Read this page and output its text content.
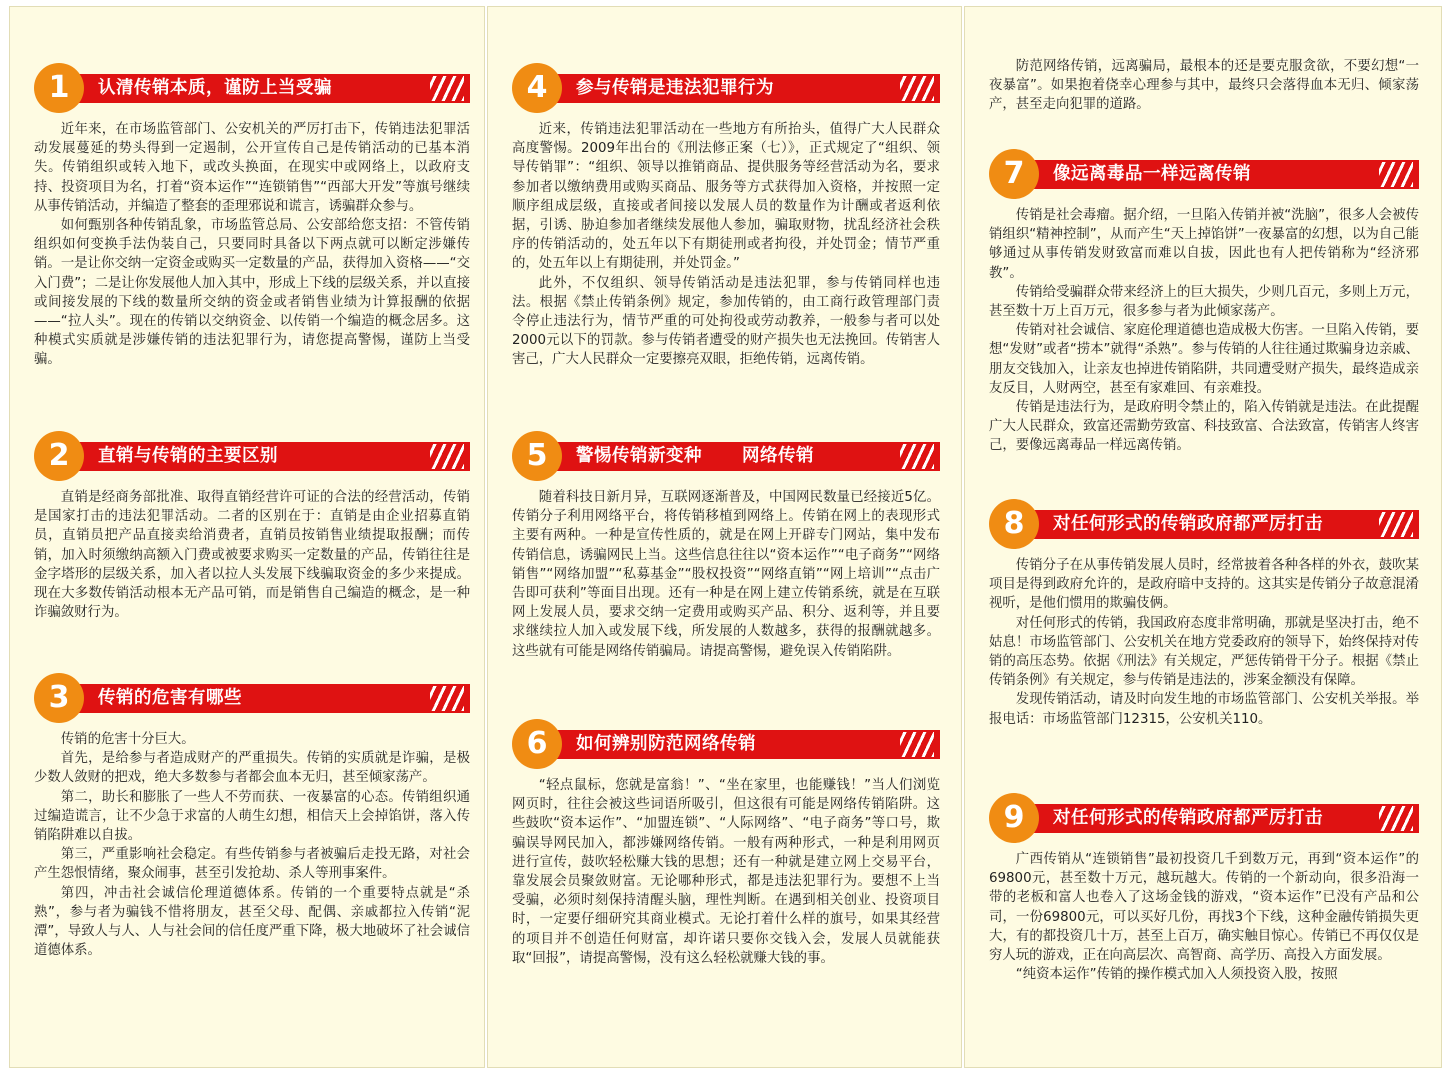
1	认清传销本质，谨防上当受骗

近年来，在市场监管部门、公安机关的严厉打击下，传销违法犯罪活动发展蔓延的势头得到一定遏制，公开宣传自己是传销活动的已基本消失。传销组织或转入地下，或改头换面，在现实中或网络上，以政府支持、投资项目为名，打着“资本运作”“连锁销售”“西部大开发”等旗号继续从事传销活动，并编造了整套的歪理邪说和谎言，诱骗群众参与。

如何甄别各种传销乱象，市场监管总局、公安部给您支招：不管传销组织如何变换手法伪装自己，只要同时具备以下两点就可以断定涉嫌传销。一是让你交纳一定资金或购买一定数量的产品，获得加入资格——“交入门费”；二是让你发展他人加入其中，形成上下线的层级关系，并以直接或间接发展的下线的数量所交纳的资金或者销售业绩为计算报酬的依据——“拉人头”。现在的传销以交纳资金、以传销一个编造的概念居多。这种模式实质就是涉嫌传销的违法犯罪行为，请您提高警惕，谨防上当受骗。

2	直销与传销的主要区别

直销是经商务部批准、取得直销经营许可证的合法的经营活动，传销是国家打击的违法犯罪活动。二者的区别在于：直销是由企业招募直销员，直销员把产品直接卖给消费者，直销员按销售业绩提取报酬；而传销，加入时须缴纳高额入门费或被要求购买一定数量的产品，传销往往是金字塔形的层级关系，加入者以拉人头发展下线骗取资金的多少来提成。现在大多数传销活动根本无产品可销，而是销售自己编造的概念，是一种诈骗敛财行为。

3	传销的危害有哪些

传销的危害十分巨大。

首先，是给参与者造成财产的严重损失。传销的实质就是诈骗，是极少数人敛财的把戏，绝大多数参与者都会血本无归，甚至倾家荡产。

第二，助长和膨胀了一些人不劳而获、一夜暴富的心态。传销组织通过编造谎言，让不少急于求富的人萌生幻想，相信天上会掉馅饼，落入传销陷阱难以自拔。

第三，严重影响社会稳定。有些传销参与者被骗后走投无路，对社会产生怨恨情绪，聚众闹事，甚至引发抢劫、杀人等刑事案件。

第四，冲击社会诚信伦理道德体系。传销的一个重要特点就是“杀熟”，参与者为骗钱不惜将朋友，甚至父母、配偶、亲戚都拉入传销“泥潭”，导致人与人、人与社会间的信任度严重下降，极大地破坏了社会诚信道德体系。

4	参与传销是违法犯罪行为

近来，传销违法犯罪活动在一些地方有所抬头，值得广大人民群众高度警惕。2009年出台的《刑法修正案（七）》，正式规定了“组织、领导传销罪”：“组织、领导以推销商品、提供服务等经营活动为名，要求参加者以缴纳费用或购买商品、服务等方式获得加入资格，并按照一定顺序组成层级，直接或者间接以发展人员的数量作为计酬或者返利依据，引诱、胁迫参加者继续发展他人参加，骗取财物，扰乱经济社会秩序的传销活动的，处五年以下有期徒刑或者拘役，并处罚金；情节严重的，处五年以上有期徒刑，并处罚金。”

此外，不仅组织、领导传销活动是违法犯罪，参与传销同样也违法。根据《禁止传销条例》规定，参加传销的，由工商行政管理部门责令停止违法行为，情节严重的可处拘役或劳动教养，一般参与者可以处2000元以下的罚款。参与传销者遭受的财产损失也无法挽回。传销害人害己，广大人民群众一定要擦亮双眼，拒绝传销，远离传销。

5	警惕传销新变种 网络传销

随着科技日新月异，互联网逐渐普及，中国网民数量已经接近5亿。传销分子利用网络平台，将传销移植到网络上。传销在网上的表现形式主要有两种。一种是宣传性质的，就是在网上开辟专门网站，集中发布传销信息，诱骗网民上当。这些信息往往以“资本运作”“电子商务”“网络销售”“网络加盟”“私募基金”“股权投资”“网络直销”“网上培训”“点击广告即可获利”等面目出现。还有一种是在网上建立传销系统，就是在互联网上发展人员，要求交纳一定费用或购买产品、积分、返利等，并且要求继续拉人加入或发展下线，所发展的人数越多，获得的报酬就越多。这些就有可能是网络传销骗局。请提高警惕，避免误入传销陷阱。

6	如何辨别防范网络传销

“轻点鼠标，您就是富翁！”、“坐在家里，也能赚钱！”当人们浏览网页时，往往会被这些词语所吸引，但这很有可能是网络传销陷阱。这些鼓吹“资本运作”、“加盟连锁”、“人际网络”、“电子商务”等口号，欺骗误导网民加入，都涉嫌网络传销。一般有两种形式，一种是利用网页进行宣传，鼓吹轻松赚大钱的思想；还有一种就是建立网上交易平台，靠发展会员聚敛财富。无论哪种形式，都是违法犯罪行为。要想不上当受骗，必须时刻保持清醒头脑，理性判断。在遇到相关创业、投资项目时，一定要仔细研究其商业模式。无论打着什么样的旗号，如果其经营的项目并不创造任何财富，却许诺只要你交钱入会，发展人员就能获取“回报”，请提高警惕，没有这么轻松就赚大钱的事。

防范网络传销，远离骗局，最根本的还是要克服贪欲，不要幻想“一夜暴富”。如果抱着侥幸心理参与其中，最终只会落得血本无归、倾家荡产，甚至走向犯罪的道路。

7	像远离毒品一样远离传销

传销是社会毒瘤。据介绍，一旦陷入传销并被“洗脑”，很多人会被传销组织“精神控制”，从而产生“天上掉馅饼”一夜暴富的幻想，以为自己能够通过从事传销发财致富而难以自拔，因此也有人把传销称为“经济邪教”。

传销给受骗群众带来经济上的巨大损失，少则几百元，多则上万元，甚至数十万上百万元，很多参与者为此倾家荡产。

传销对社会诚信、家庭伦理道德也造成极大伤害。一旦陷入传销，要想“发财”或者“捞本”就得“杀熟”。参与传销的人往往通过欺骗身边亲戚、朋友交钱加入，让亲友也掉进传销陷阱，共同遭受财产损失，最终造成亲友反目，人财两空，甚至有家难回、有亲难投。

传销是违法行为，是政府明令禁止的，陷入传销就是违法。在此提醒广大人民群众，致富还需勤劳致富、科技致富、合法致富，传销害人终害己，要像远离毒品一样远离传销。

8	对任何形式的传销政府都严厉打击

传销分子在从事传销发展人员时，经常披着各种各样的外衣，鼓吹某项目是得到政府允许的，是政府暗中支持的。这其实是传销分子故意混淆视听，是他们惯用的欺骗伎俩。

对任何形式的传销，我国政府态度非常明确，那就是坚决打击，绝不姑息！市场监管部门、公安机关在地方党委政府的领导下，始终保持对传销的高压态势。依据《刑法》有关规定，严惩传销骨干分子。根据《禁止传销条例》有关规定，参与传销是违法的，涉案金额没有保障。

发现传销活动，请及时向发生地的市场监管部门、公安机关举报。举报电话：市场监管部门12315，公安机关110。

9	对任何形式的传销政府都严厉打击

广西传销从“连锁销售”最初投资几千到数万元，再到“资本运作”的69800元，甚至数十万元，越玩越大。传销的一个新动向，很多沿海一带的老板和富人也卷入了这场金钱的游戏，“资本运作”已没有产品和公司，一份69800元，可以买好几份，再找3个下线，这种金融传销损失更大，有的都投资几十万，甚至上百万，确实触目惊心。传销已不再仅仅是穷人玩的游戏，正在向高层次、高智商、高学历、高投入方面发展。

“纯资本运作”传销的操作模式加入人须投资入股，按照
